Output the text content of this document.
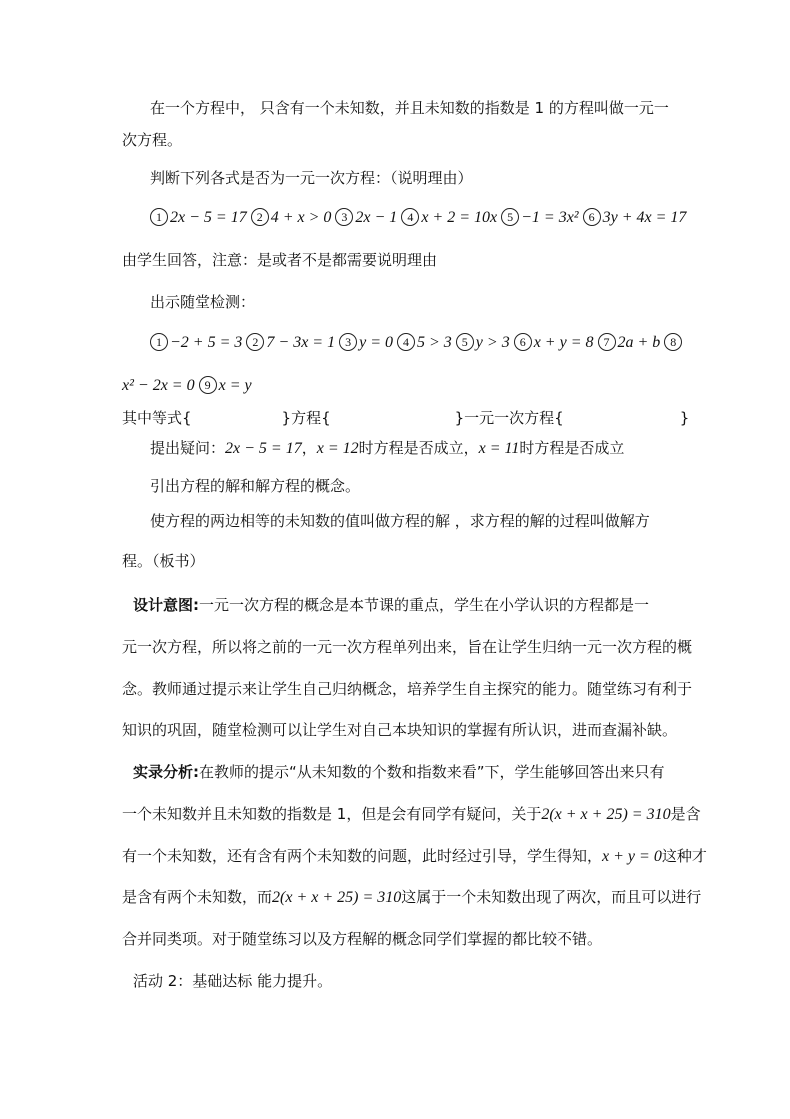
在一个方程中， 只含有一个未知数，并且未知数的指数是 1 的方程叫做一元一
次方程。
判断下列各式是否为一元一次方程：（说明理由）
1 2x − 5 = 17 2 4 + x > 0 3 2x − 1 4 x + 2 = 10x 5 −1 = 3x² 6 3y + 4x = 17
由学生回答，注意：是或者不是都需要说明理由
出示随堂检测：
1 −2 + 5 = 3 2 7 − 3x = 1 3 y = 0 4 5 > 3 5 y > 3 6 x + y = 8 7 2a + b 8
x² − 2x = 0 9 x = y
其中等式{	}方程{	}一元一次方程{	}
提出疑问：2x − 5 = 17，x = 12时方程是否成立，x = 11时方程是否成立
引出方程的解和解方程的概念。
使方程的两边相等的未知数的值叫做方程的解 ，求方程的解的过程叫做解方
程。（板书）
设计意图:一元一次方程的概念是本节课的重点，学生在小学认识的方程都是一
元一次方程，所以将之前的一元一次方程单列出来，旨在让学生归纳一元一次方程的概
念。教师通过提示来让学生自己归纳概念，培养学生自主探究的能力。随堂练习有利于
知识的巩固，随堂检测可以让学生对自己本块知识的掌握有所认识，进而查漏补缺。
实录分析:在教师的提示“从未知数的个数和指数来看”下，学生能够回答出来只有
一个未知数并且未知数的指数是 1，但是会有同学有疑问，关于2(x + x + 25) = 310是含
有一个未知数，还有含有两个未知数的问题，此时经过引导，学生得知，x + y = 0这种才
是含有两个未知数，而2(x + x + 25) = 310这属于一个未知数出现了两次，而且可以进行
合并同类项。对于随堂练习以及方程解的概念同学们掌握的都比较不错。
活动 2：基础达标 能力提升。
